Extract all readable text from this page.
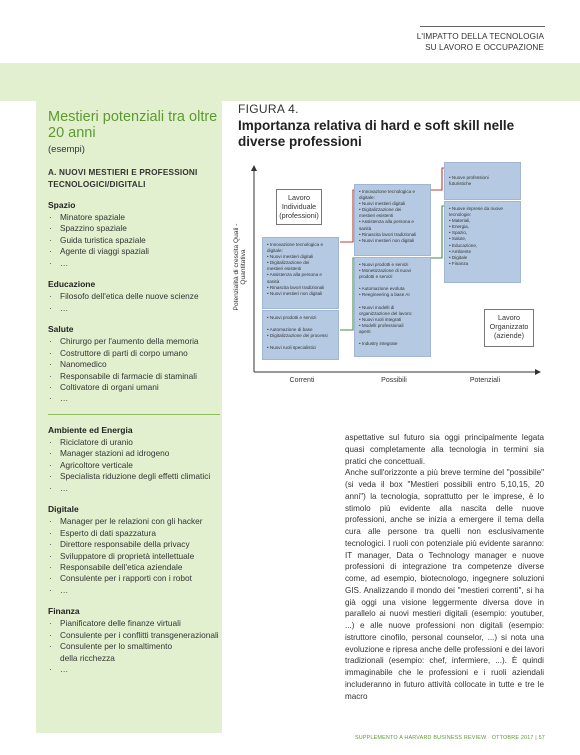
L'IMPATTO DELLA TECNOLOGIA
SU LAVORO E OCCUPAZIONE
Mestieri potenziali tra oltre 20 anni
(esempi)
A. NUOVI MESTIERI E PROFESSIONI TECNOLOGICI/DIGITALI
Spazio
· Minatore spaziale
· Spazzino spaziale
· Guida turistica spaziale
· Agente di viaggi spaziali
· …
Educazione
· Filosofo dell'etica delle nuove scienze
· …
Salute
· Chirurgo per l'aumento della memoria
· Costruttore di parti di corpo umano
· Nanomedico
· Responsabile di farmacie di staminali
· Coltivatore di organi umani
· …
Ambiente ed Energia
· Riciclatore di uranio
· Manager stazioni ad idrogeno
· Agricoltore verticale
· Specialista riduzione degli effetti climatici
· …
Digitale
· Manager per le relazioni con gli hacker
· Esperto di dati spazzatura
· Direttore responsabile della privacy
· Sviluppatore di proprietà intellettuale
· Responsabile dell'etica aziendale
· Consulente per i rapporti con i robot
· …
Finanza
· Pianificatore delle finanze virtuali
· Consulente per i conflitti transgenerazionali
· Consulente per lo smaltimento
della ricchezza
· …
FIGURA 4.
Importanza relativa di hard e soft skill nelle diverse professioni
Potenzialità di crescita Quali - Quantitativa
Lavoro
Individuale
(professioni)
• Innovazione tecnologica e
digitale:
• Nuovi mestieri digitali
• Digitalizzazione dei
mestieri esistenti
• Assistenza alla persona e
sanità
• Rinascita lavori tradizionali
• Nuovi mestieri non digitali
• Nuovi prodotti e servizi

• Automazione di base
• Digitalizzazione dei processi

• Nuovi ruoli specialistici
• Innovazione tecnologica e
digitale:
• Nuovi mestieri digitali
• Digitalizzazione dei
mestieri esistenti
• Assistenza alla persona e
sanità
• Rinascita lavori tradizionali
• Nuovi mestieri non digitali
• Nuovi prodotti e servizi
• Monetizzazione di nuovi
prodotti e servizi

• Automazione evoluta
• Reegineering a base AI

• Nuovi modelli di
organizzazione del lavoro:
• Nuovi ruoli integrati
• Modelli professionali
aperti

• Industry integrate
• Nuove professioni
futuristiche
• Nuove imprese da nuove
tecnologie:
• Materiali,
• Energia,
• Spazio,
• Salute,
• Educazione,
• Ambiente
• Digitale
• Finanza
Lavoro
Organizzato
(aziende)
Correnti	Possibili	Potenziali

aspettative sul futuro sia oggi principalmente legata quasi completamente alla tecnologia in termini sia pratici che concettuali.

Anche sull'orizzonte a più breve termine del "possibile" (si veda il box "Mestieri possibili entro 5,10,15, 20 anni") la tecnologia, soprattutto per le imprese, è lo stimolo più evidente alla nascita delle nuove professioni, anche se inizia a emergere il tema della cura alle persone tra quelli non esclusivamente tecnologici. I ruoli con potenziale più evidente saranno: IT manager, Data o Technology manager e nuove professioni di integrazione tra competenze diverse come, ad esempio, biotecnologo, ingegnere soluzioni GIS. Analizzando il mondo dei "mestieri correnti", si ha già oggi una visione leggermente diversa dove in parallelo ai nuovi mestieri digitali (esempio: youtuber, ...) e alle nuove professioni non digitali (esempio: istruttore cinofilo, personal counselor, ...) si nota una evoluzione e ripresa anche delle professioni e dei lavori tradizionali (esempio: chef, infermiere, ...). È quindi immaginabile che le professioni e i ruoli aziendali includeranno in futuro attività collocate in tutte e tre le macro

SUPPLEMENTO A HARVARD BUSINESS REVIEW · OTTOBRE 2017 | 57
